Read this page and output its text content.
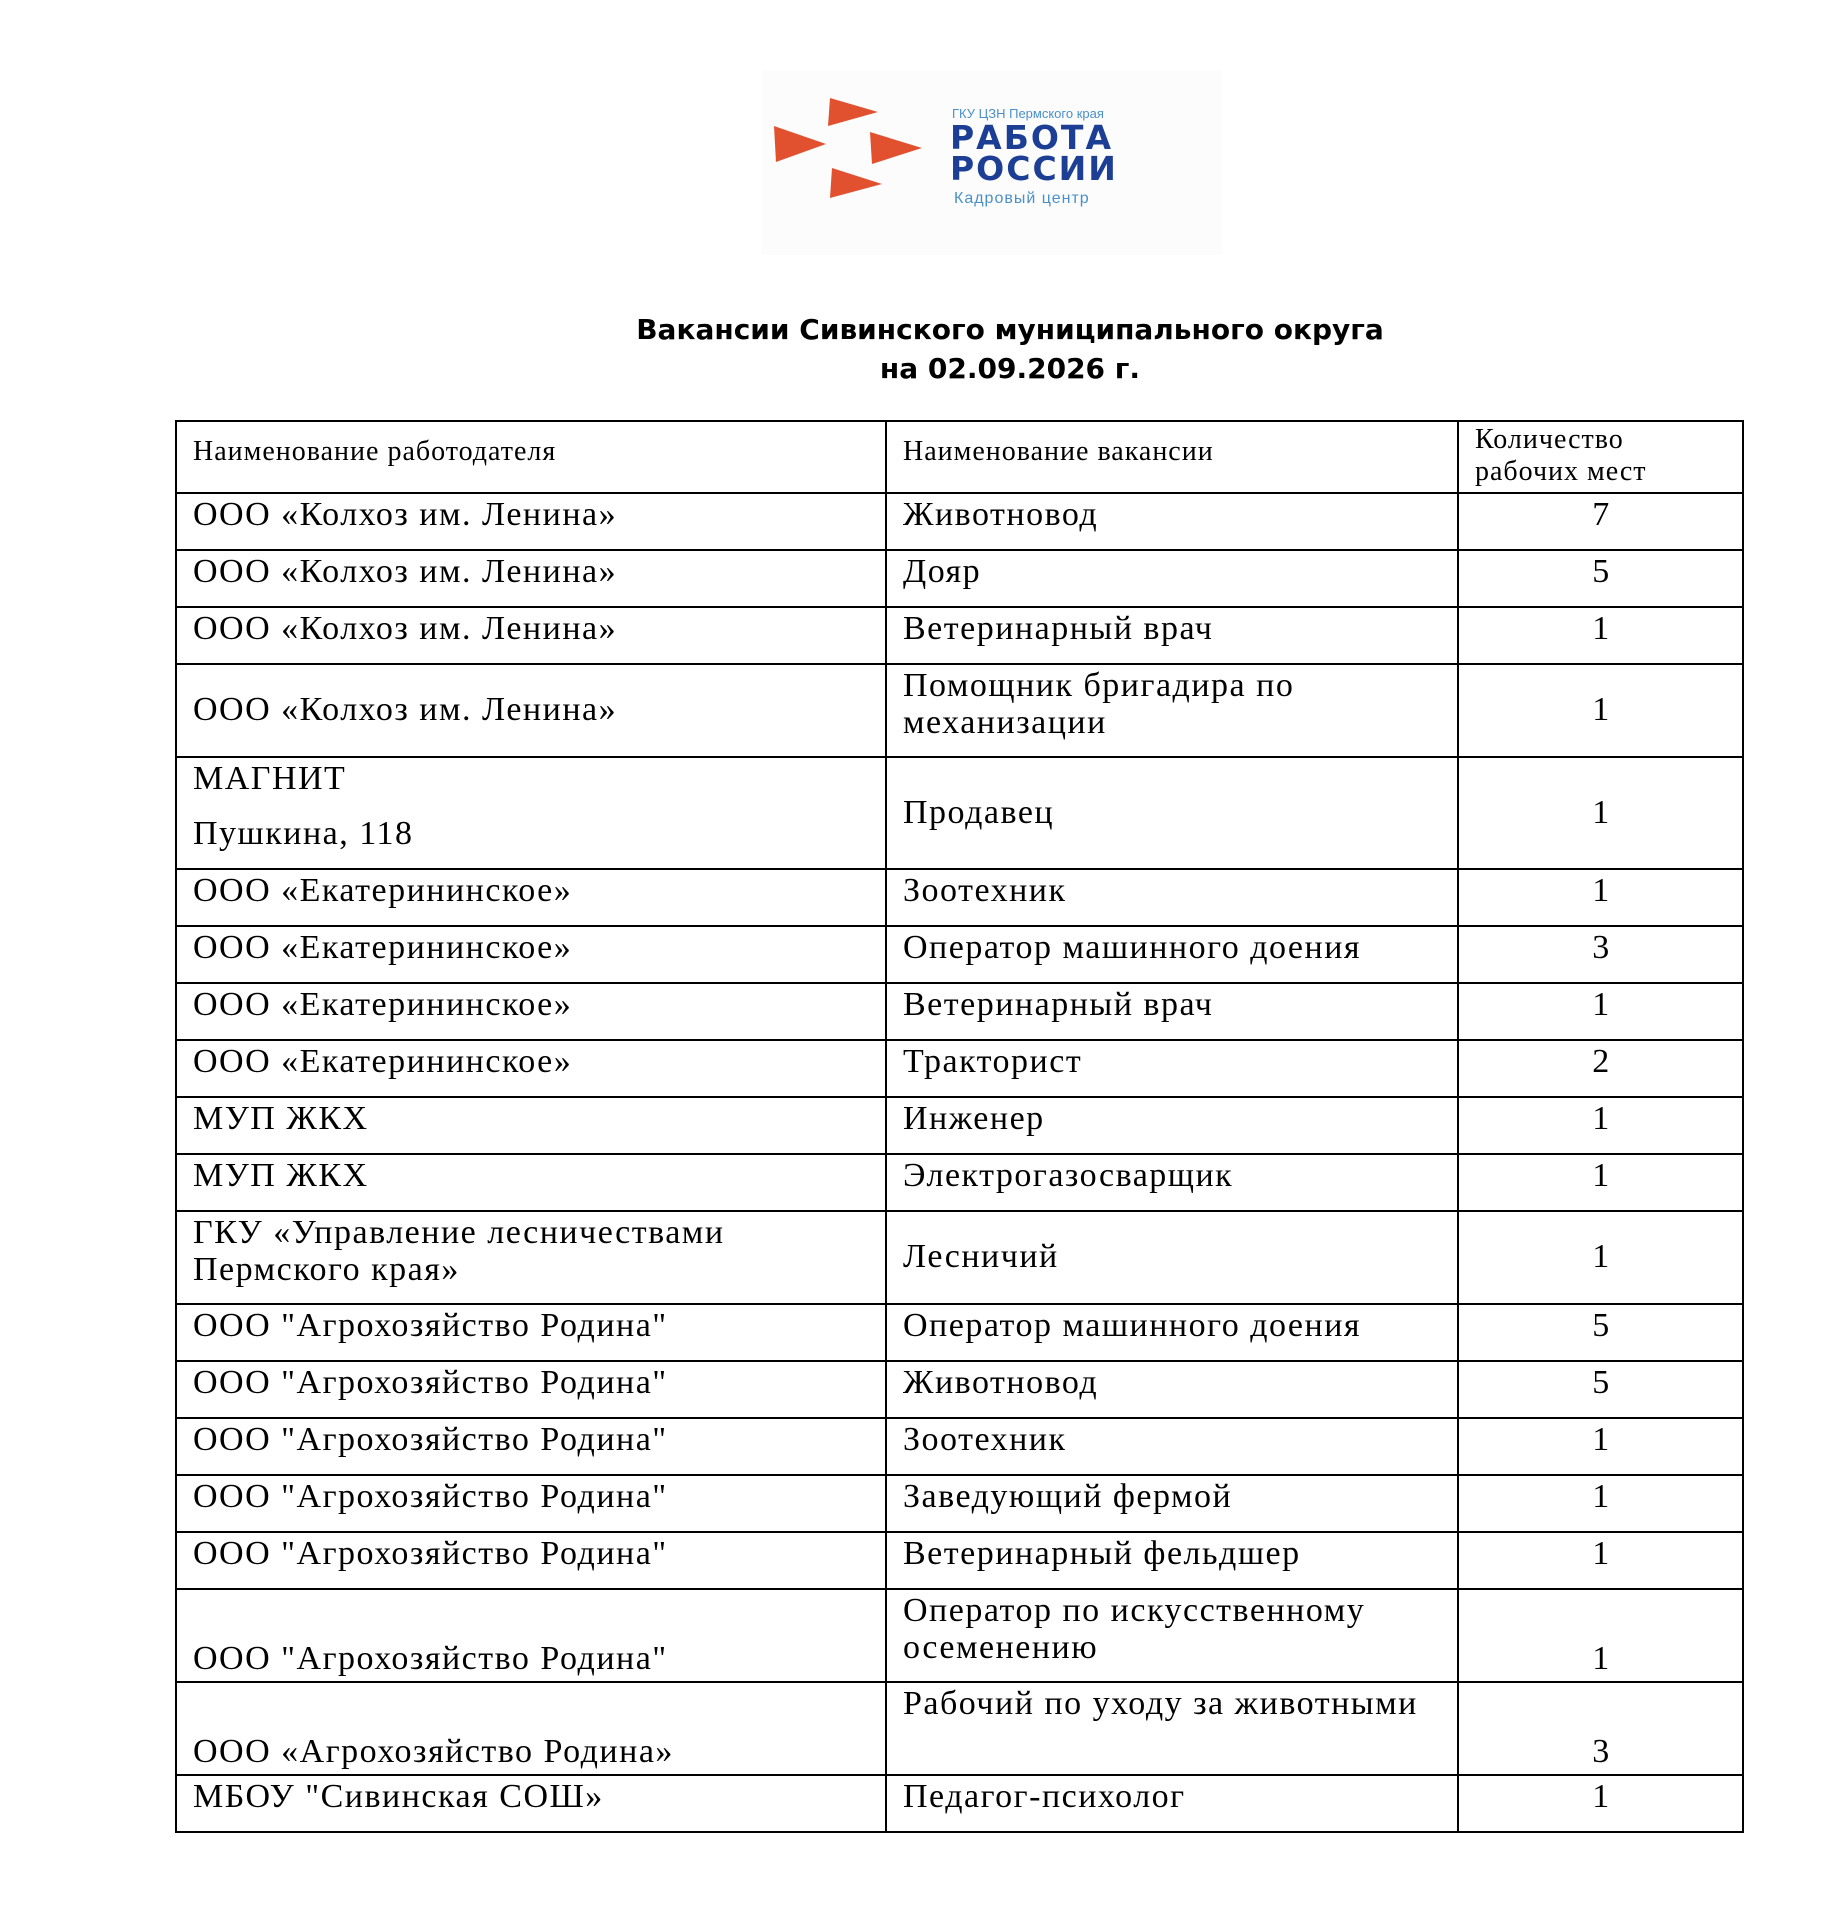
ГКУ ЦЗН Пермского края
РАБОТА
РОССИИ
Кадровый центр
Вакансии Сивинского муниципального округа
на 02.09.2026 г.
Наименование работодателя	Наименование вакансии	Количество рабочих мест
ООО «Колхоз им. Ленина»	Животновод	7
ООО «Колхоз им. Ленина»	Дояр	5
ООО «Колхоз им. Ленина»	Ветеринарный врач	1
ООО «Колхоз им. Ленина»	Помощник бригадира по механизации	1
МАГНИТ
Пушкина, 118	Продавец	1
ООО «Екатерининское»	Зоотехник	1
ООО «Екатерининское»	Оператор машинного доения	3
ООО «Екатерининское»	Ветеринарный врач	1
ООО «Екатерининское»	Тракторист	2
МУП ЖКХ	Инженер	1
МУП ЖКХ	Электрогазосварщик	1
ГКУ «Управление лесничествами Пермского края»	Лесничий	1
ООО "Агрохозяйство Родина"	Оператор машинного доения	5
ООО "Агрохозяйство Родина"	Животновод	5
ООО "Агрохозяйство Родина"	Зоотехник	1
ООО "Агрохозяйство Родина"	Заведующий фермой	1
ООО "Агрохозяйство Родина"	Ветеринарный фельдшер	1
ООО "Агрохозяйство Родина"	Оператор по искусственному осеменению	1
ООО «Агрохозяйство Родина»	Рабочий по уходу за животными	3
МБОУ "Сивинская СОШ»	Педагог-психолог	1
